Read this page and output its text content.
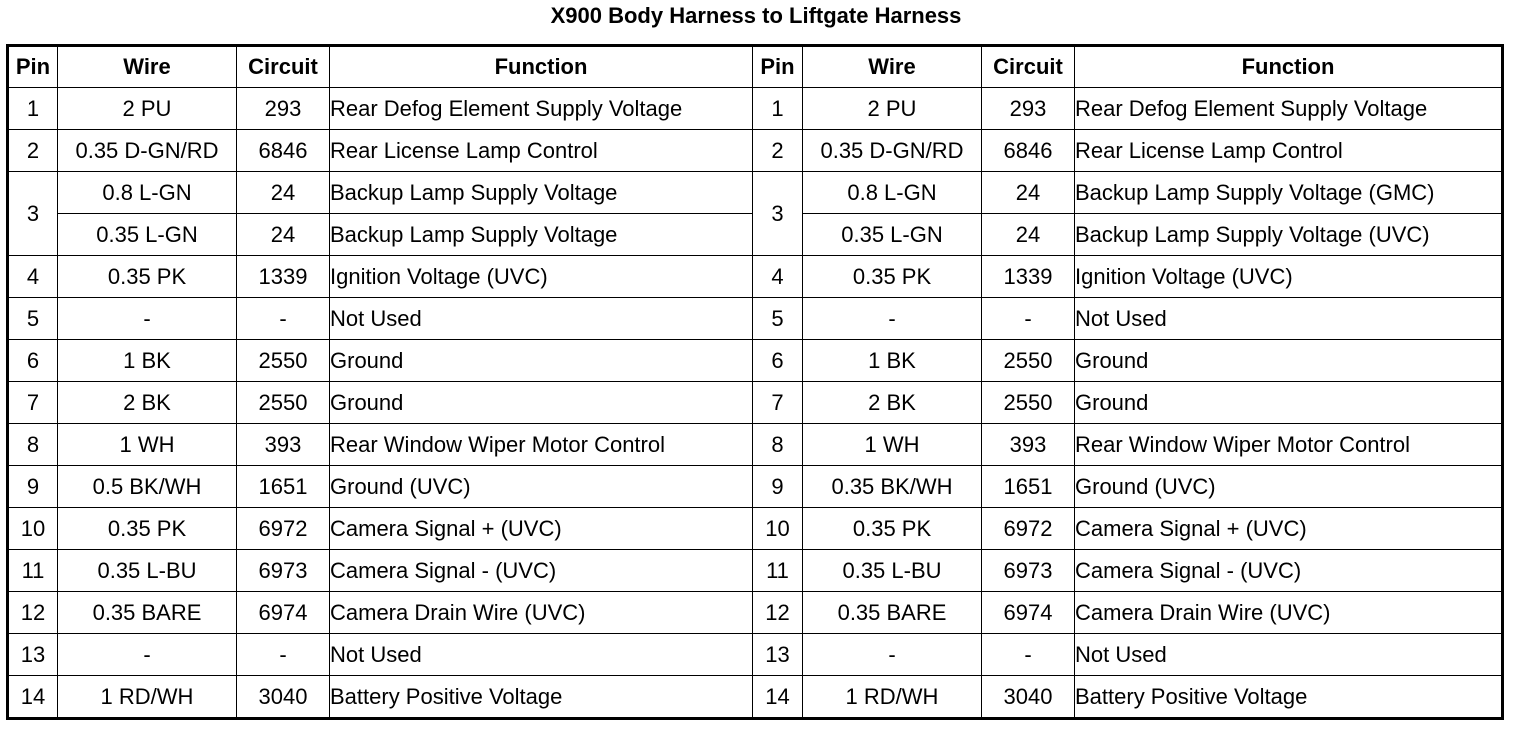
X900 Body Harness to Liftgate Harness
Pin	Wire	Circuit	Function	Pin	Wire	Circuit	Function
1	2 PU	293	Rear Defog Element Supply Voltage	1	2 PU	293	Rear Defog Element Supply Voltage
2	0.35 D-GN/RD	6846	Rear License Lamp Control	2	0.35 D-GN/RD	6846	Rear License Lamp Control
3	0.8 L-GN	24	Backup Lamp Supply Voltage	3	0.8 L-GN	24	Backup Lamp Supply Voltage (GMC)
	0.35 L-GN	24	Backup Lamp Supply Voltage		0.35 L-GN	24	Backup Lamp Supply Voltage (UVC)
4	0.35 PK	1339	Ignition Voltage (UVC)	4	0.35 PK	1339	Ignition Voltage (UVC)
5	-	-	Not Used	5	-	-	Not Used
6	1 BK	2550	Ground	6	1 BK	2550	Ground
7	2 BK	2550	Ground	7	2 BK	2550	Ground
8	1 WH	393	Rear Window Wiper Motor Control	8	1 WH	393	Rear Window Wiper Motor Control
9	0.5 BK/WH	1651	Ground (UVC)	9	0.35 BK/WH	1651	Ground (UVC)
10	0.35 PK	6972	Camera Signal + (UVC)	10	0.35 PK	6972	Camera Signal + (UVC)
11	0.35 L-BU	6973	Camera Signal - (UVC)	11	0.35 L-BU	6973	Camera Signal - (UVC)
12	0.35 BARE	6974	Camera Drain Wire (UVC)	12	0.35 BARE	6974	Camera Drain Wire (UVC)
13	-	-	Not Used	13	-	-	Not Used
14	1 RD/WH	3040	Battery Positive Voltage	14	1 RD/WH	3040	Battery Positive Voltage
